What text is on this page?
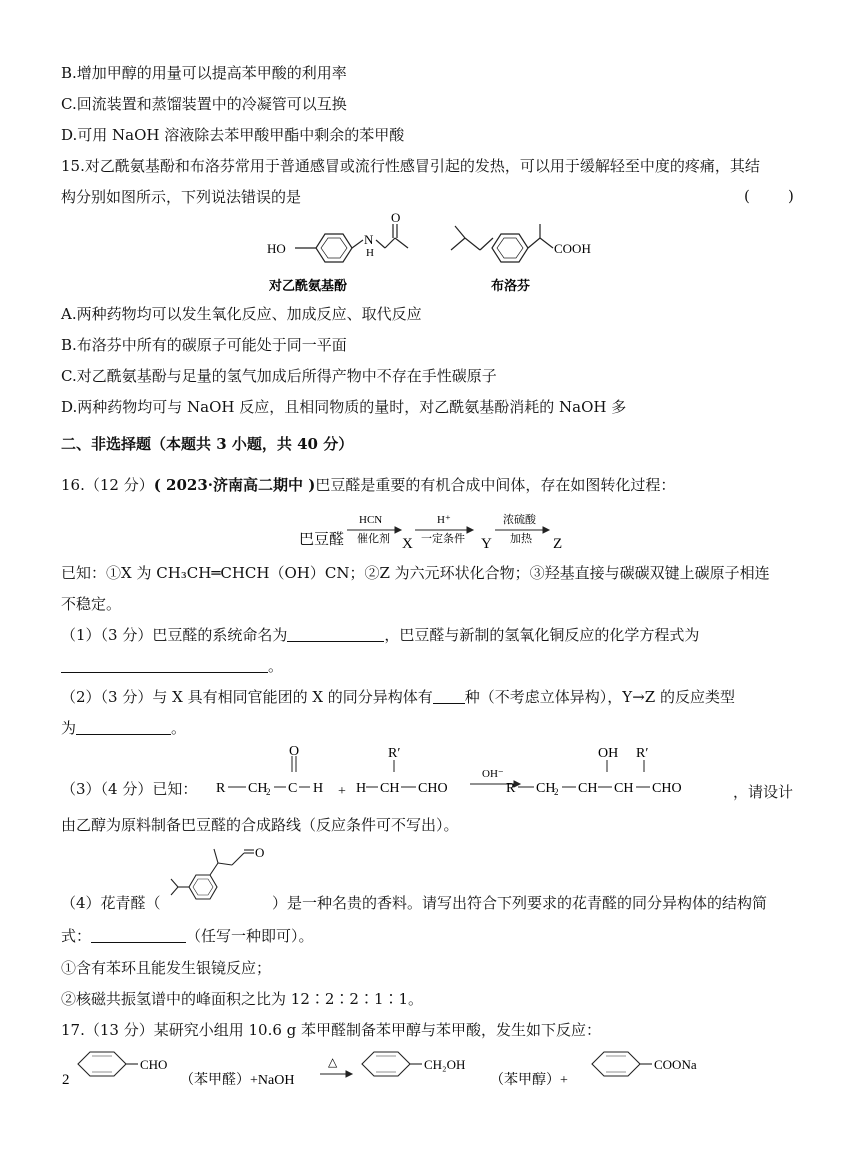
B.增加甲醇的用量可以提高苯甲酸的利用率
C.回流装置和蒸馏装置中的冷凝管可以互换
D.可用 NaOH 溶液除去苯甲酸甲酯中剩余的苯甲酸
15.对乙酰氨基酚和布洛芬常用于普通感冒或流行性感冒引起的发热，可以用于缓解轻至中度的疼痛，其结
构分别如图所示，下列说法错误的是	(        )
HO
N
H
O
COOH
对乙酰氨基酚	布洛芬
A.两种药物均可以发生氧化反应、加成反应、取代反应
B.布洛芬中所有的碳原子可能处于同一平面
C.对乙酰氨基酚与足量的氢气加成后所得产物中不存在手性碳原子
D.两种药物均可与 NaOH 反应，且相同物质的量时，对乙酰氨基酚消耗的 NaOH 多
二、非选择题（本题共 3 小题，共 40 分）
16.（12 分）( 2023·济南高二期中 )巴豆醛是重要的有机合成中间体，存在如图转化过程：
巴豆醛
HCN
催化剂 X
H⁺
一定条件 Y
浓硫酸
加热 Z
已知：①X 为 CH₃CH═CHCH（OH）CN；②Z 为六元环状化合物；③羟基直接与碳碳双键上碳原子相连
不稳定。
（1）（3 分）巴豆醛的系统命名为	，巴豆醛与新制的氢氧化铜反应的化学方程式为
。
（2）（3 分）与 X 具有相同官能团的 X 的同分异构体有 种（不考虑立体异构），Y→Z 的反应类型
为	。
（3）（4 分）已知： R CH
2 C
O
H + H CH CHO
R′
OH⁻
R CH
2 CH
OH
CH
R′
CHO	，请设计
由乙醇为原料制备巴豆醛的合成路线（反应条件可不写出）。
O
（4）花青醛（	）是一种名贵的香料。请写出符合下列要求的花青醛的同分异构体的结构简
式：	（任写一种即可）。
①含有苯环且能发生银镜反应；
②核磁共振氢谱中的峰面积之比为 12∶2∶2∶1∶1。
17.（13 分）某研究小组用 10.6 g 苯甲醛制备苯甲醇与苯甲酸，发生如下反应：
2
CHO
（苯甲醛）+NaOH
△	CH₂OH
（苯甲醇）+
COONa
